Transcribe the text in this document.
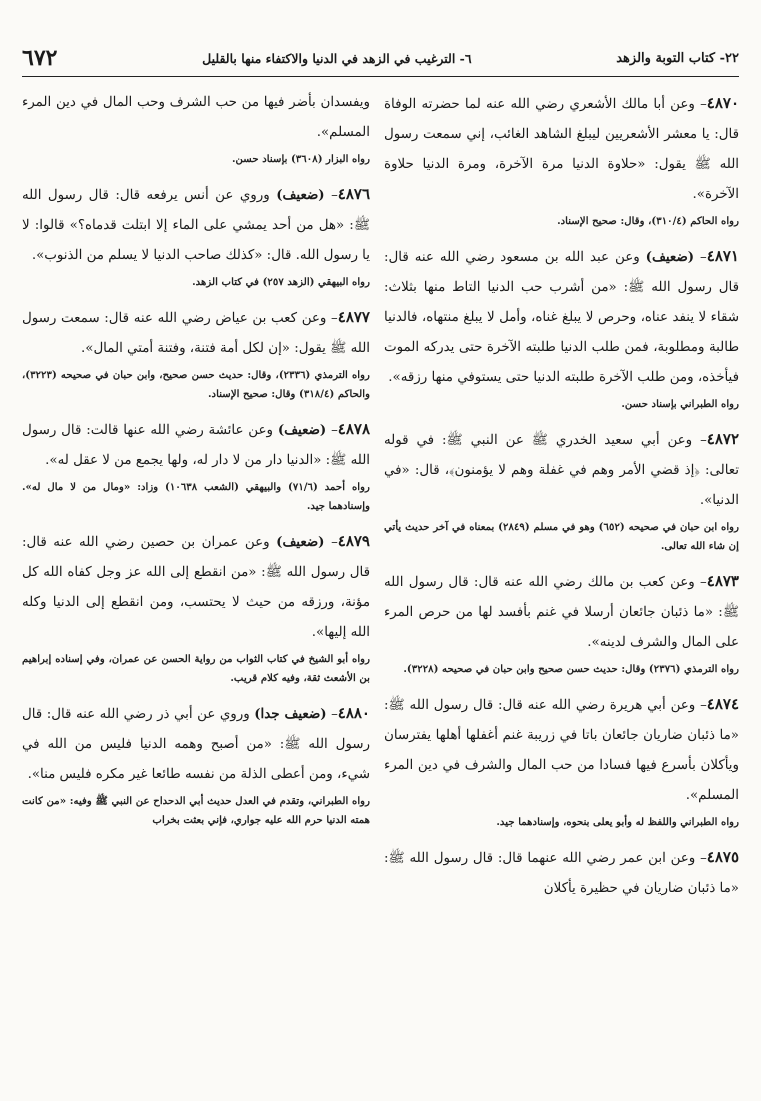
٢٢- كتاب التوبة والزهد
٦- الترغيب في الزهد في الدنيا والاكتفاء منها بالقليل
٦٧٢

٤٨٧٠– وعن أبا مالك الأشعري رضي الله عنه لما حضرته الوفاة قال: يا معشر الأشعريين ليبلغ الشاهد الغائب، إني سمعت رسول الله ﷺ يقول: «حلاوة الدنيا مرة الآخرة، ومرة الدنيا حلاوة الآخرة».

رواه الحاكم (٣١٠/٤)، وقال: صحيح الإسناد.

٤٨٧١– (ضعيف) وعن عبد الله بن مسعود رضي الله عنه قال: قال رسول الله ﷺ: «من أشرب حب الدنيا التاط منها بثلاث: شقاء لا ينفد عناه، وحرص لا يبلغ غناه، وأمل لا يبلغ منتهاه، فالدنيا طالبة ومطلوبة، فمن طلب الدنيا طلبته الآخرة حتى يدركه الموت فيأخذه، ومن طلب الآخرة طلبته الدنيا حتى يستوفي منها رزقه».

رواه الطبراني بإسناد حسن.

٤٨٧٢– وعن أبي سعيد الخدري ﷺ عن النبي ﷺ: في قوله تعالى: ﴿إذ قضي الأمر وهم في غفلة وهم لا يؤمنون﴾، قال: «في الدنيا».

رواه ابن حبان في صحيحه (٦٥٢) وهو في مسلم (٢٨٤٩) بمعناه في آخر حديث يأتي إن شاء الله تعالى.

٤٨٧٣– وعن كعب بن مالك رضي الله عنه قال: قال رسول الله ﷺ: «ما ذئبان جائعان أرسلا في غنم بأفسد لها من حرص المرء على المال والشرف لدينه».

رواه الترمذي (٢٣٧٦) وقال: حديث حسن صحيح وابن حبان في صحيحه (٣٢٢٨).

٤٨٧٤– وعن أبي هريرة رضي الله عنه قال: قال رسول الله ﷺ: «ما ذئبان ضاريان جائعان باتا في زريبة غنم أغفلها أهلها يفترسان ويأكلان بأسرع فيها فسادا من حب المال والشرف في دين المرء المسلم».

رواه الطبراني واللفظ له وأبو يعلى بنحوه، وإسنادهما جيد.

٤٨٧٥– وعن ابن عمر رضي الله عنهما قال: قال رسول الله ﷺ: «ما ذئبان ضاريان في حظيرة يأكلان

ويفسدان بأضر فيها من حب الشرف وحب المال في دين المرء المسلم».

رواه البزار (٣٦٠٨) بإسناد حسن.

٤٨٧٦– (ضعيف) وروي عن أنس يرفعه قال: قال رسول الله ﷺ: «هل من أحد يمشي على الماء إلا ابتلت قدماه؟» قالوا: لا يا رسول الله. قال: «كذلك صاحب الدنيا لا يسلم من الذنوب».

رواه البيهقي (الزهد ٢٥٧) في كتاب الزهد.

٤٨٧٧– وعن كعب بن عياض رضي الله عنه قال: سمعت رسول الله ﷺ يقول: «إن لكل أمة فتنة، وفتنة أمتي المال».

رواه الترمذي (٢٣٣٦)، وقال: حديث حسن صحيح، وابن حبان في صحيحه (٣٢٢٣)، والحاكم (٣١٨/٤) وقال: صحيح الإسناد.

٤٨٧٨– (ضعيف) وعن عائشة رضي الله عنها قالت: قال رسول الله ﷺ: «الدنيا دار من لا دار له، ولها يجمع من لا عقل له».

رواه أحمد (٧١/٦) والبيهقي (الشعب ١٠٦٣٨) وزاد: «ومال من لا مال له». وإسنادهما جيد.

٤٨٧٩– (ضعيف) وعن عمران بن حصين رضي الله عنه قال: قال رسول الله ﷺ: «من انقطع إلى الله عز وجل كفاه الله كل مؤنة، ورزقه من حيث لا يحتسب، ومن انقطع إلى الدنيا وكله الله إليها».

رواه أبو الشيخ في كتاب الثواب من رواية الحسن عن عمران، وفي إسناده إبراهيم بن الأشعث ثقة، وفيه كلام قريب.

٤٨٨٠– (ضعيف جدا) وروي عن أبي ذر رضي الله عنه قال: قال رسول الله ﷺ: «من أصبح وهمه الدنيا فليس من الله في شيء، ومن أعطى الذلة من نفسه طائعا غير مكره فليس منا».

رواه الطبراني، وتقدم في العدل حديث أبي الدحداح عن النبي ﷺ وفيه: «من كانت همته الدنيا حرم الله عليه جواري، فإني بعثت بخراب
